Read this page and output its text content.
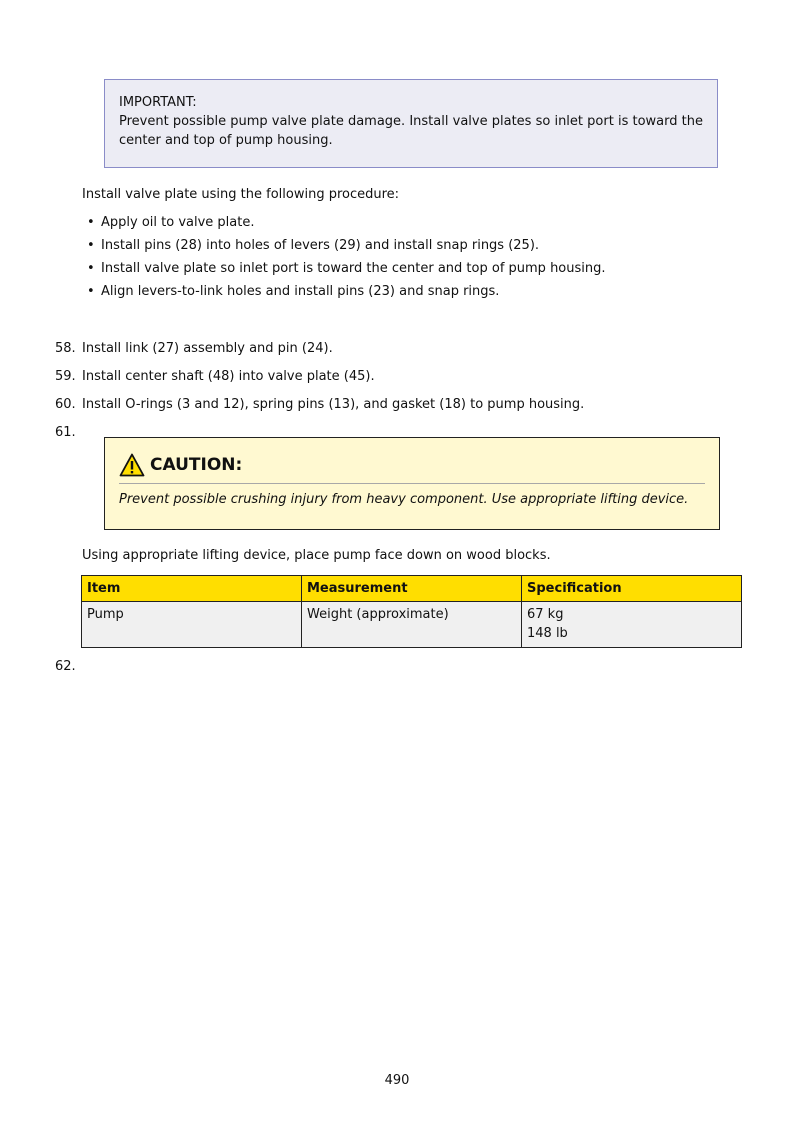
IMPORTANT:
Prevent possible pump valve plate damage. Install valve plates so inlet port is toward the center and top of pump housing.
Install valve plate using the following procedure:
• Apply oil to valve plate.
• Install pins (28) into holes of levers (29) and install snap rings (25).
• Install valve plate so inlet port is toward the center and top of pump housing.
• Align levers-to-link holes and install pins (23) and snap rings.
58. Install link (27) assembly and pin (24).
59. Install center shaft (48) into valve plate (45).
60. Install O-rings (3 and 12), spring pins (13), and gasket (18) to pump housing.
61.
CAUTION:
Prevent possible crushing injury from heavy component. Use appropriate lifting device.
Using appropriate lifting device, place pump face down on wood blocks.
Item	Measurement	Specification
Pump	Weight (approximate)	67 kg
148 lb
62.
490
